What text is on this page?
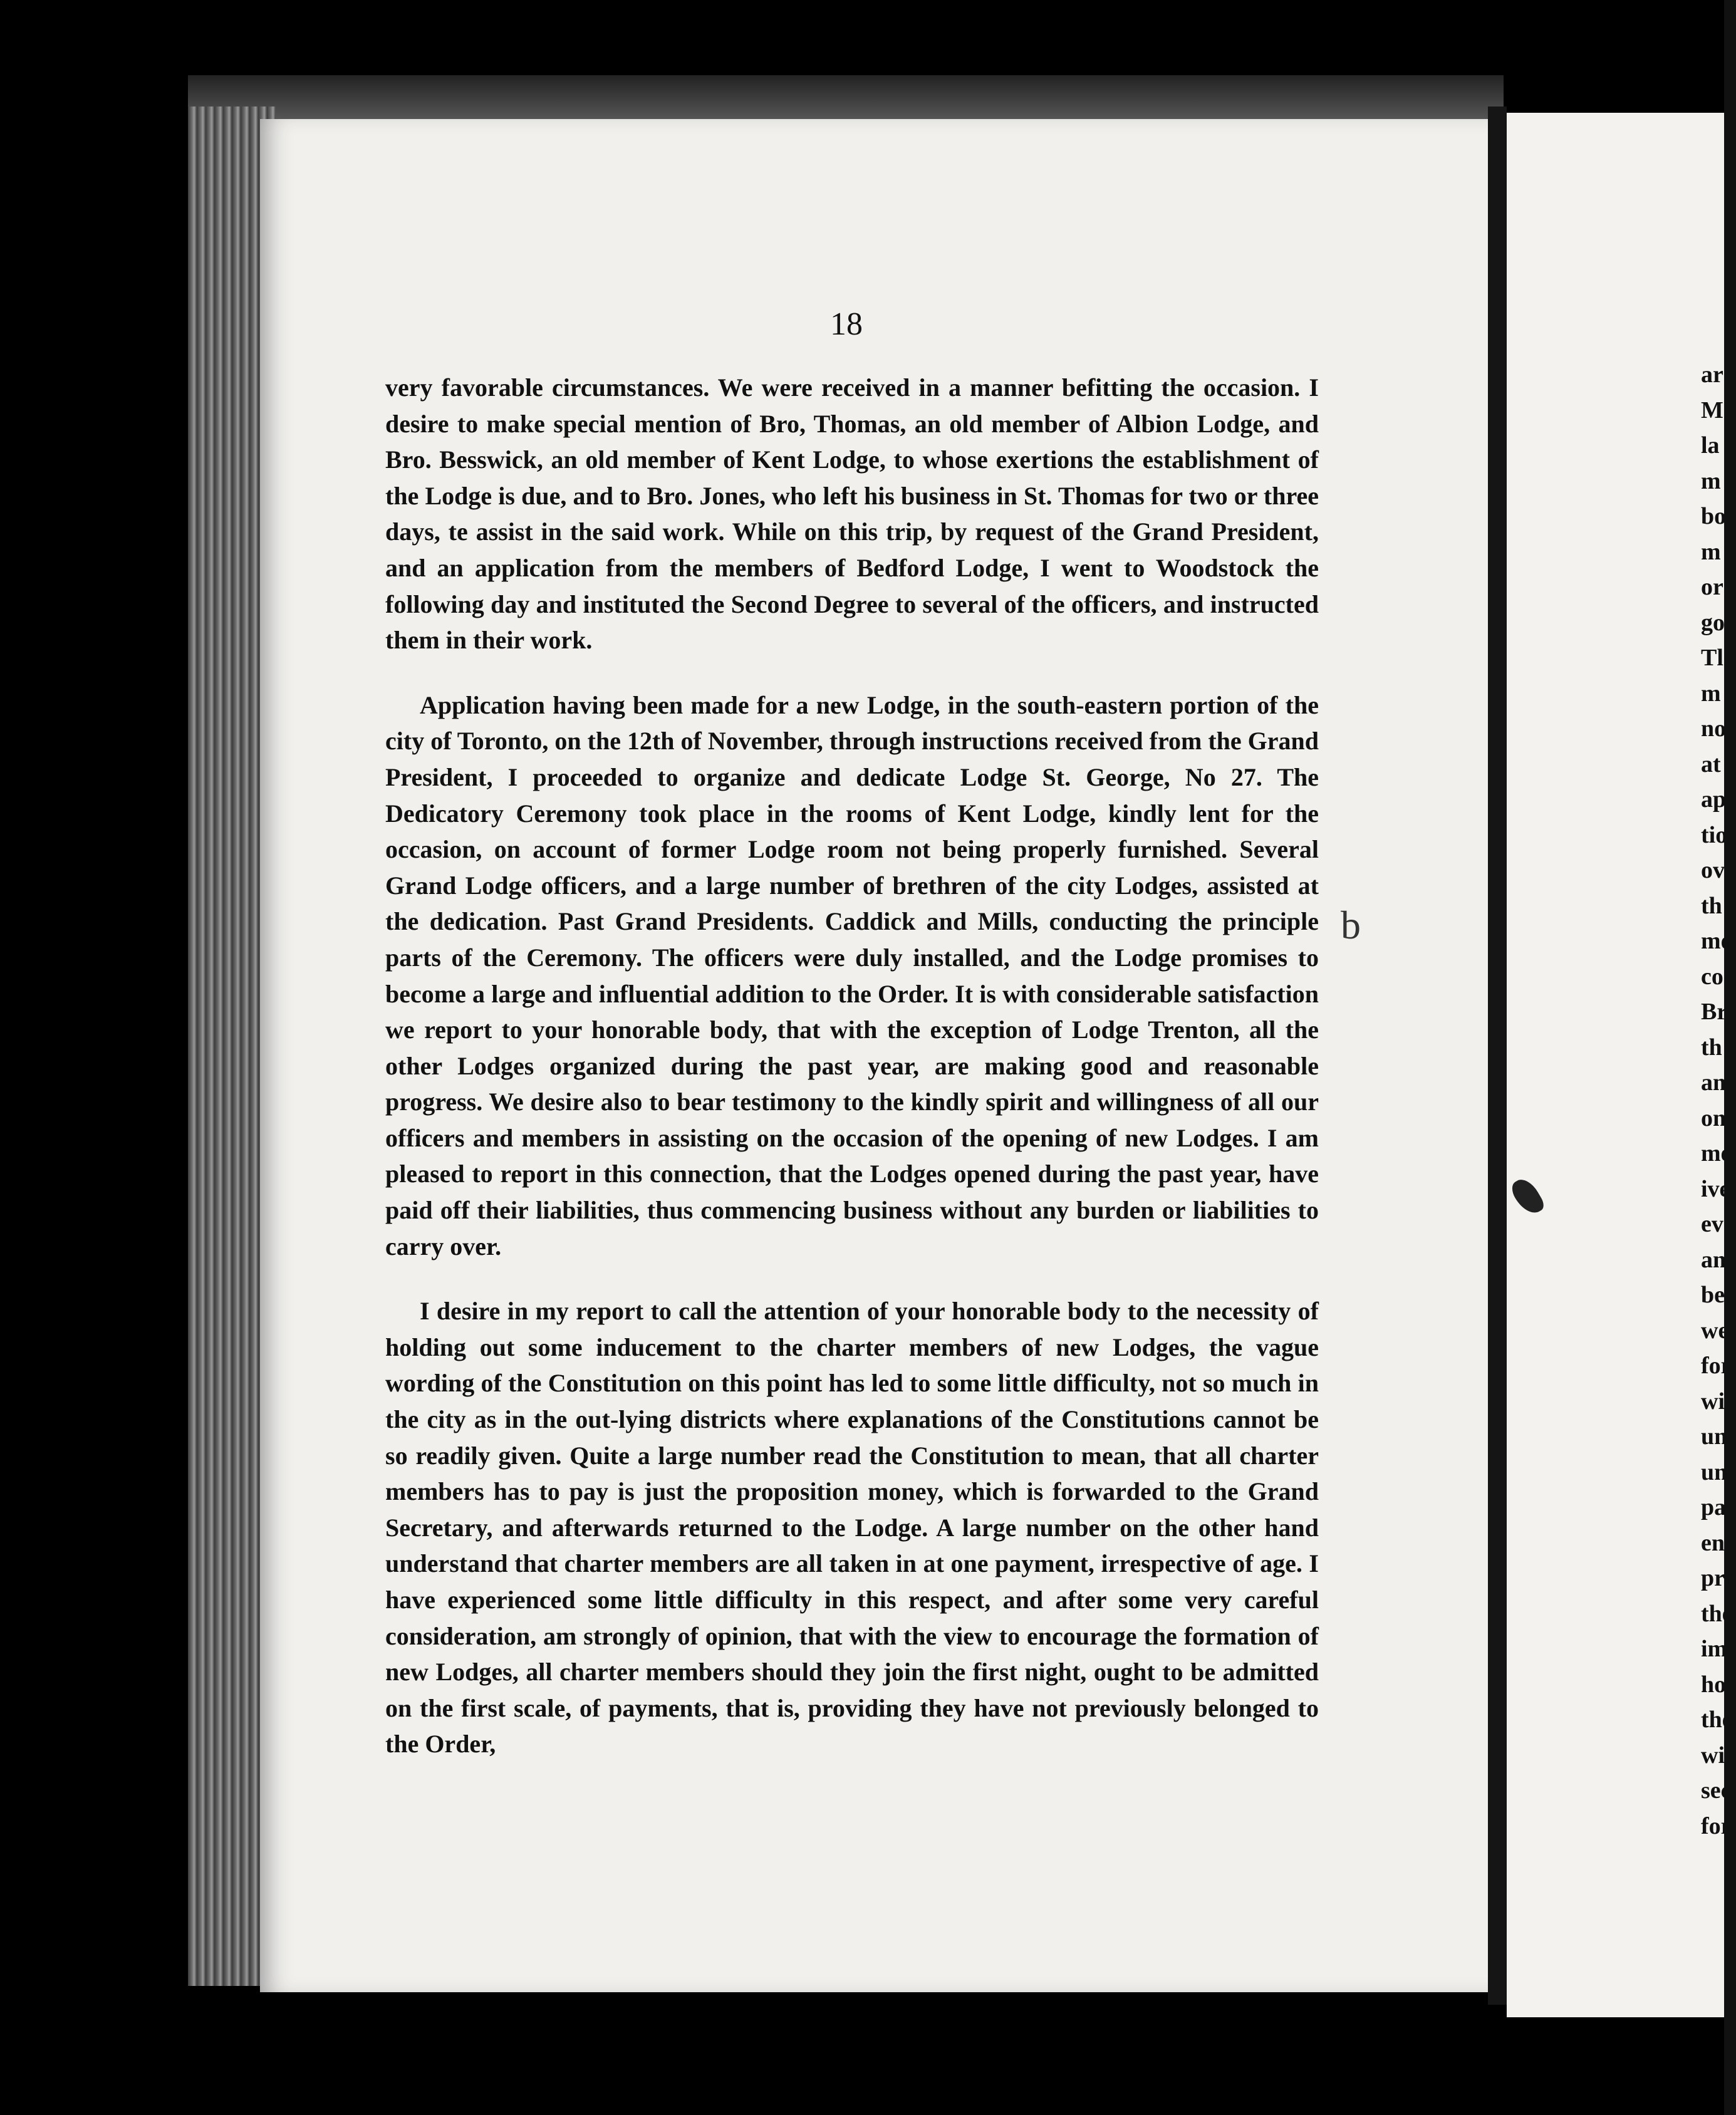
18

very favorable circumstances. We were received in a manner befitting the occasion. I desire to make special mention of Bro, Thomas, an old member of Albion Lodge, and Bro. Besswick, an old member of Kent Lodge, to whose exertions the establishment of the Lodge is due, and to Bro. Jones, who left his business in St. Thomas for two or three days, te assist in the said work. While on this trip, by request of the Grand President, and an application from the members of Bedford Lodge, I went to Woodstock the following day and instituted the Second Degree to several of the officers, and instructed them in their work.

Application having been made for a new Lodge, in the south-eastern portion of the city of Toronto, on the 12th of November, through instructions received from the Grand President, I proceeded to organize and dedicate Lodge St. George, No 27. The Dedicatory Ceremony took place in the rooms of Kent Lodge, kindly lent for the occasion, on account of former Lodge room not being properly furnished. Several Grand Lodge officers, and a large number of brethren of the city Lodges, assisted at the dedication. Past Grand Presidents. Caddick and Mills, conducting the principle parts of the Ceremony. The officers were duly installed, and the Lodge promises to become a large and influential addition to the Order. It is with considerable satisfaction we report to your honorable body, that with the exception of Lodge Trenton, all the other Lodges organized during the past year, are making good and reasonable progress. We desire also to bear testimony to the kindly spirit and willingness of all our officers and members in assisting on the occasion of the opening of new Lodges. I am pleased to report in this connection, that the Lodges opened during the past year, have paid off their liabilities, thus commencing business without any burden or liabilities to carry over.

I desire in my report to call the attention of your honorable body to the necessity of holding out some inducement to the charter members of new Lodges, the vague wording of the Constitution on this point has led to some little difficulty, not so much in the city as in the out-lying districts where explanations of the Constitutions cannot be so readily given. Quite a large number read the Constitution to mean, that all charter members has to pay is just the proposition money, which is forwarded to the Grand Secretary, and afterwards returned to the Lodge. A large number on the other hand understand that charter members are all taken in at one payment, irrespective of age. I have experienced some little difficulty in this respect, and after some very careful consideration, am strongly of opinion, that with the view to encourage the formation of new Lodges, all charter members should they join the first night, ought to be admitted on the first scale, of payments, that is, providing they have not previously belonged to the Order,

b
ar
M
la
m
bo
m
or
go
Tl
m
no
at
ap
tio
ov
th
mo
co
Br
th
an
on
me
ive
ev
an
be
we
for
wi
un
un
pa
en
pro
the
im
ho
the
wit
sec
for
